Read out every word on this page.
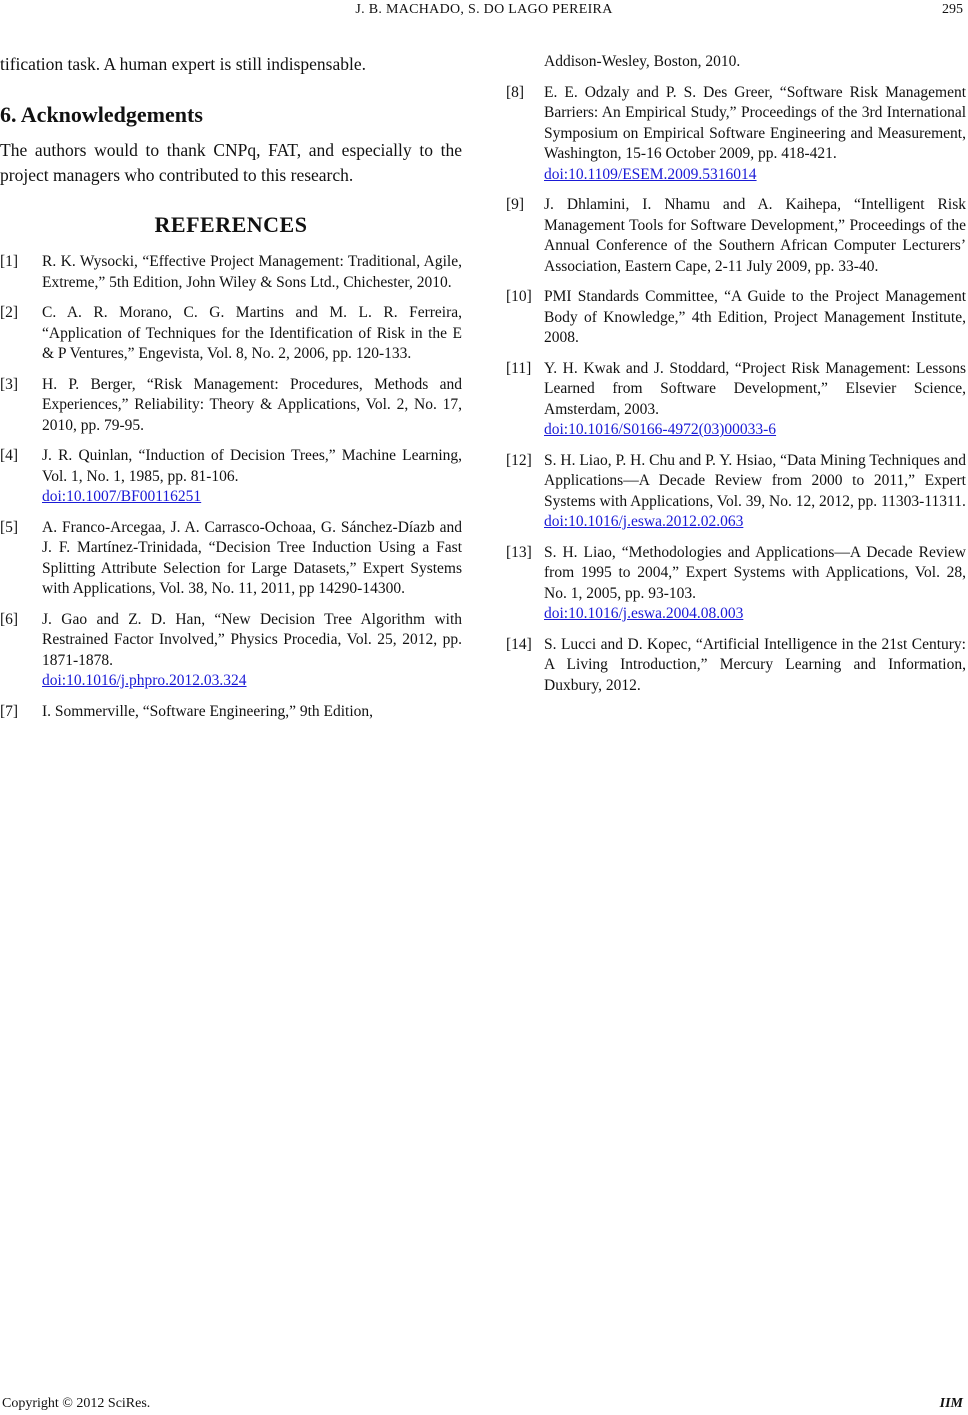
J. B. MACHADO, S. DO LAGO PEREIRA	295

tification task. A human expert is still indispensable.

6. Acknowledgements

The authors would to thank CNPq, FAT, and especially to the project managers who contributed to this research.

REFERENCES
[1] R. K. Wysocki, “Effective Project Management: Traditional, Agile, Extreme,” 5th Edition, John Wiley & Sons Ltd., Chichester, 2010.
[2] C. A. R. Morano, C. G. Martins and M. L. R. Ferreira, “Application of Techniques for the Identification of Risk in the E & P Ventures,” Engevista, Vol. 8, No. 2, 2006, pp. 120-133.
[3] H. P. Berger, “Risk Management: Procedures, Methods and Experiences,” Reliability: Theory & Applications, Vol. 2, No. 17, 2010, pp. 79-95.
[4] J. R. Quinlan, “Induction of Decision Trees,” Machine Learning, Vol. 1, No. 1, 1985, pp. 81-106.
doi:10.1007/BF00116251
[5] A. Franco-Arcegaa, J. A. Carrasco-Ochoaa, G. Sánchez-Díazb and J. F. Martínez-Trinidada, “Decision Tree Induction Using a Fast Splitting Attribute Selection for Large Datasets,” Expert Systems with Applications, Vol. 38, No. 11, 2011, pp 14290-14300.
[6] J. Gao and Z. D. Han, “New Decision Tree Algorithm with Restrained Factor Involved,” Physics Procedia, Vol. 25, 2012, pp. 1871-1878.
doi:10.1016/j.phpro.2012.03.324
[7] I. Sommerville, “Software Engineering,” 9th Edition,
Addison-Wesley, Boston, 2010.
[8] E. E. Odzaly and P. S. Des Greer, “Software Risk Management Barriers: An Empirical Study,” Proceedings of the 3rd International Symposium on Empirical Software Engineering and Measurement, Washington, 15-16 October 2009, pp. 418-421.
doi:10.1109/ESEM.2009.5316014
[9] J. Dhlamini, I. Nhamu and A. Kaihepa, “Intelligent Risk Management Tools for Software Development,” Proceedings of the Annual Conference of the Southern African Computer Lecturers’ Association, Eastern Cape, 2-11 July 2009, pp. 33-40.
[10] PMI Standards Committee, “A Guide to the Project Management Body of Knowledge,” 4th Edition, Project Management Institute, 2008.
[11] Y. H. Kwak and J. Stoddard, “Project Risk Management: Lessons Learned from Software Development,” Elsevier Science, Amsterdam, 2003.
doi:10.1016/S0166-4972(03)00033-6
[12] S. H. Liao, P. H. Chu and P. Y. Hsiao, “Data Mining Techniques and Applications—A Decade Review from 2000 to 2011,” Expert Systems with Applications, Vol. 39, No. 12, 2012, pp. 11303-11311.
doi:10.1016/j.eswa.2012.02.063
[13] S. H. Liao, “Methodologies and Applications—A Decade Review from 1995 to 2004,” Expert Systems with Applications, Vol. 28, No. 1, 2005, pp. 93-103.
doi:10.1016/j.eswa.2004.08.003
[14] S. Lucci and D. Kopec, “Artificial Intelligence in the 21st Century: A Living Introduction,” Mercury Learning and Information, Duxbury, 2012.
Copyright © 2012 SciRes.	IIM
